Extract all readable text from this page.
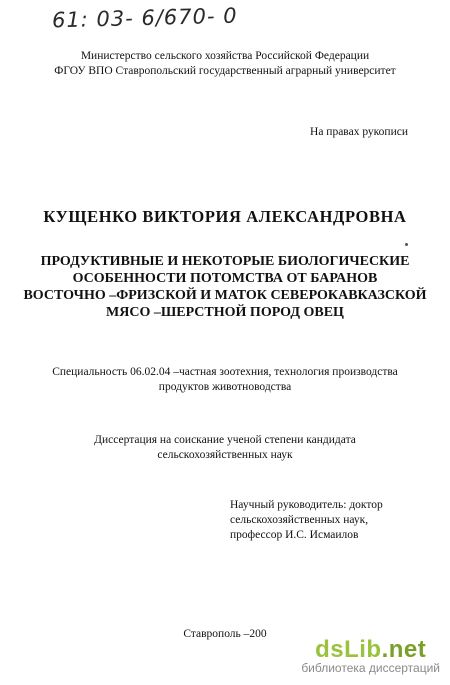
61: 03- 6/670- 0
Министерство сельского хозяйства Российской Федерации
ФГОУ ВПО Ставропольский государственный аграрный университет
На правах рукописи
КУЩЕНКО ВИКТОРИЯ АЛЕКСАНДРОВНА
ПРОДУКТИВНЫЕ И НЕКОТОРЫЕ БИОЛОГИЧЕСКИЕ
ОСОБЕННОСТИ ПОТОМСТВА ОТ БАРАНОВ
ВОСТОЧНО –ФРИЗСКОЙ И МАТОК СЕВЕРОКАВКАЗСКОЙ
МЯСО –ШЕРСТНОЙ ПОРОД ОВЕЦ
Специальность 06.02.04 –частная зоотехния, технология производства
продуктов животноводства
Диссертация на соискание ученой степени кандидата
сельскохозяйственных наук
Научный руководитель: доктор
сельскохозяйственных наук,
профессор И.С. Исмаилов
Ставрополь –200
dsLib.net
библиотека диссертаций
